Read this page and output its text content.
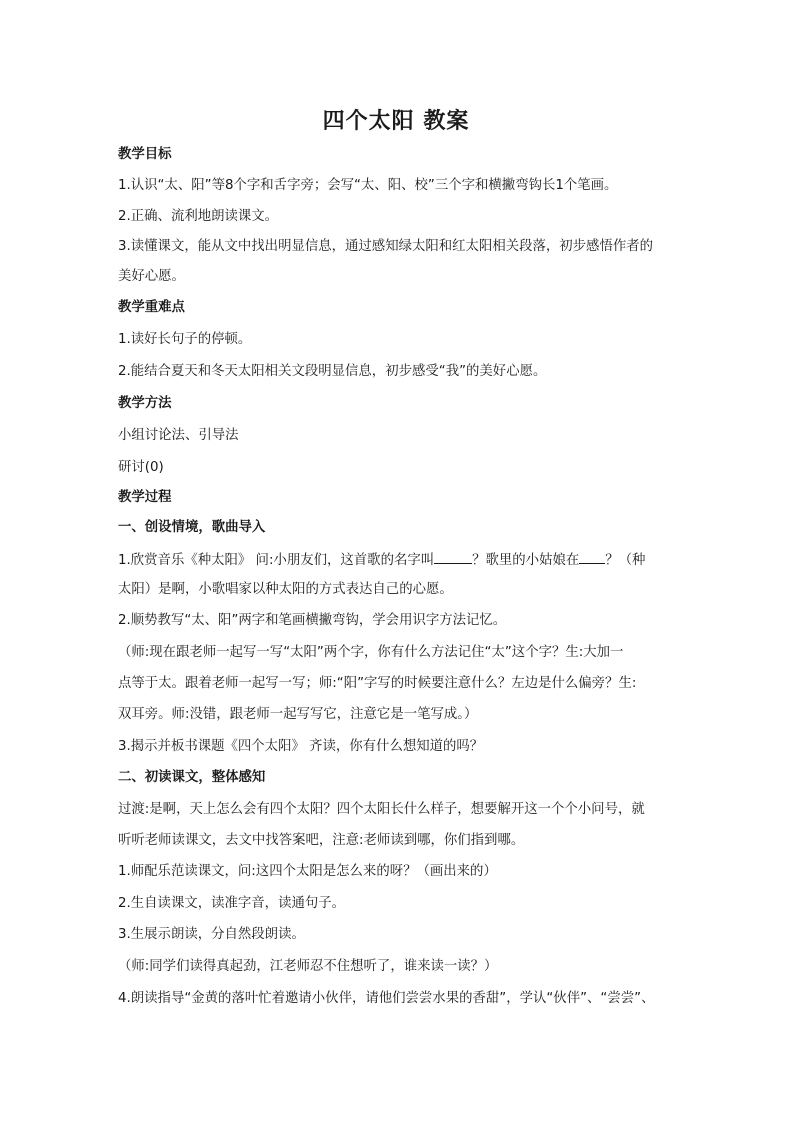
四个太阳 教案
教学目标
1.认识“太、阳”等8个字和舌字旁；会写“太、阳、校”三个字和横撇弯钩长1个笔画。
2.正确、流利地朗读课文。
3.读懂课文，能从文中找出明显信息，通过感知绿太阳和红太阳相关段落，初步感悟作者的
美好心愿。
教学重难点
1.读好长句子的停顿。
2.能结合夏天和冬天太阳相关文段明显信息，初步感受“我”的美好心愿。
教学方法
小组讨论法、引导法
研讨(0)
教学过程
一、创设情境，歌曲导入
1.欣赏音乐《种太阳》 问:小朋友们，这首歌的名字叫	？歌里的小姑娘在 ？（种
太阳）是啊，小歌唱家以种太阳的方式表达自己的心愿。
2.顺势教写“太、阳”两字和笔画横撇弯钩，学会用识字方法记忆。
（师:现在跟老师一起写一写“太阳”两个字，你有什么方法记住“太”这个字？生:大加一
点等于太。跟着老师一起写一写；师:“阳”字写的时候要注意什么？左边是什么偏旁？生:
双耳旁。师:没错，跟老师一起写写它，注意它是一笔写成。）
3.揭示并板书课题《四个太阳》 齐读，你有什么想知道的吗？
二、初读课文，整体感知
过渡:是啊，天上怎么会有四个太阳？四个太阳长什么样子，想要解开这一个个小问号，就
听听老师读课文，去文中找答案吧，注意:老师读到哪，你们指到哪。
1.师配乐范读课文，问:这四个太阳是怎么来的呀？（画出来的）
2.生自读课文，读准字音，读通句子。
3.生展示朗读，分自然段朗读。
（师:同学们读得真起劲，江老师忍不住想听了，谁来读一读？）
4.朗读指导“金黄的落叶忙着邀请小伙伴，请他们尝尝水果的香甜”，学认“伙伴”、“尝尝”、
